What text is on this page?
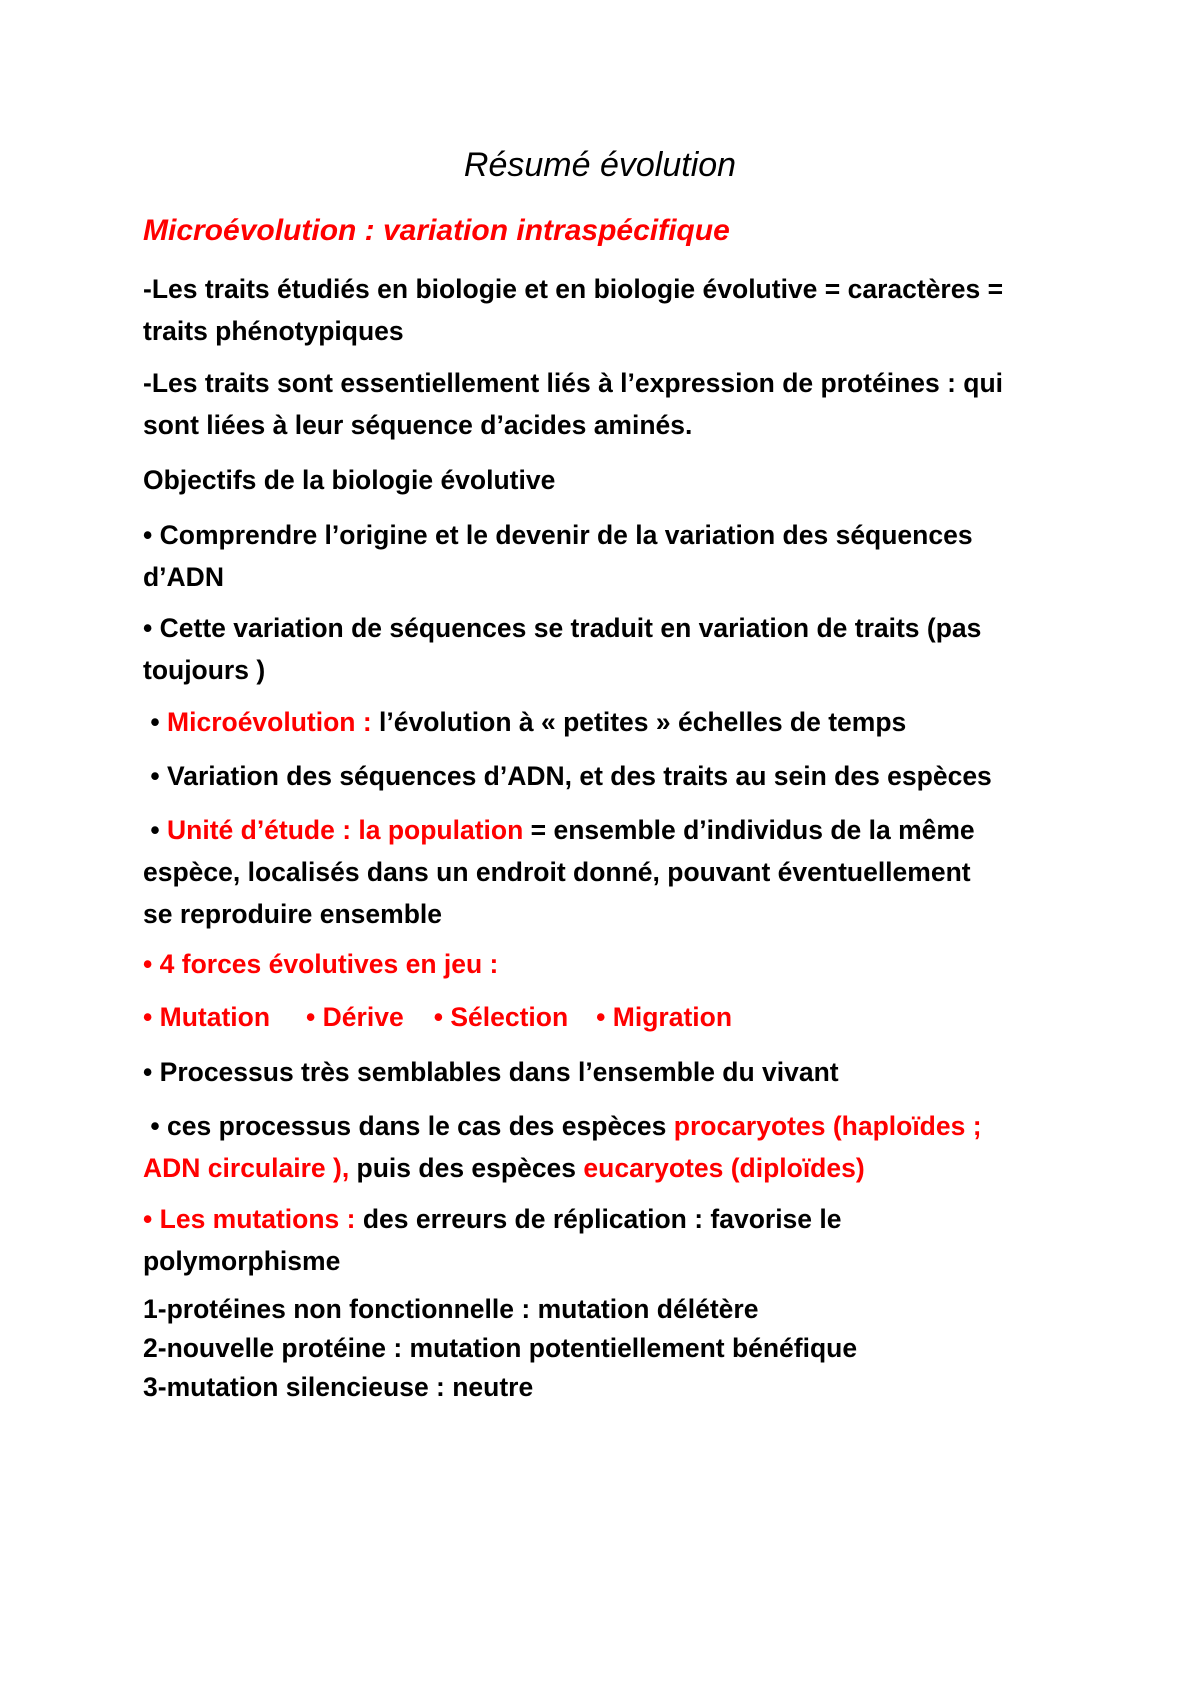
Résumé évolution
Microévolution : variation intraspécifique
-Les traits étudiés en biologie et en biologie évolutive = caractères =
traits phénotypiques
-Les traits sont essentiellement liés à l’expression de protéines : qui
sont liées à leur séquence d’acides aminés.
Objectifs de la biologie évolutive
• Comprendre l’origine et le devenir de la variation des séquences
d’ADN
• Cette variation de séquences se traduit en variation de traits (pas
toujours )
• Microévolution : l’évolution à « petites » échelles de temps
• Variation des séquences d’ADN, et des traits au sein des espèces
• Unité d’étude : la population = ensemble d’individus de la même
espèce, localisés dans un endroit donné, pouvant éventuellement
se reproduire ensemble
• 4 forces évolutives en jeu :
• Mutation • Dérive • Sélection • Migration
• Processus très semblables dans l’ensemble du vivant
• ces processus dans le cas des espèces procaryotes (haploïdes ;
ADN circulaire ), puis des espèces eucaryotes (diploïdes)
• Les mutations : des erreurs de réplication : favorise le
polymorphisme
1-protéines non fonctionnelle : mutation délétère
2-nouvelle protéine : mutation potentiellement bénéfique
3-mutation silencieuse : neutre
